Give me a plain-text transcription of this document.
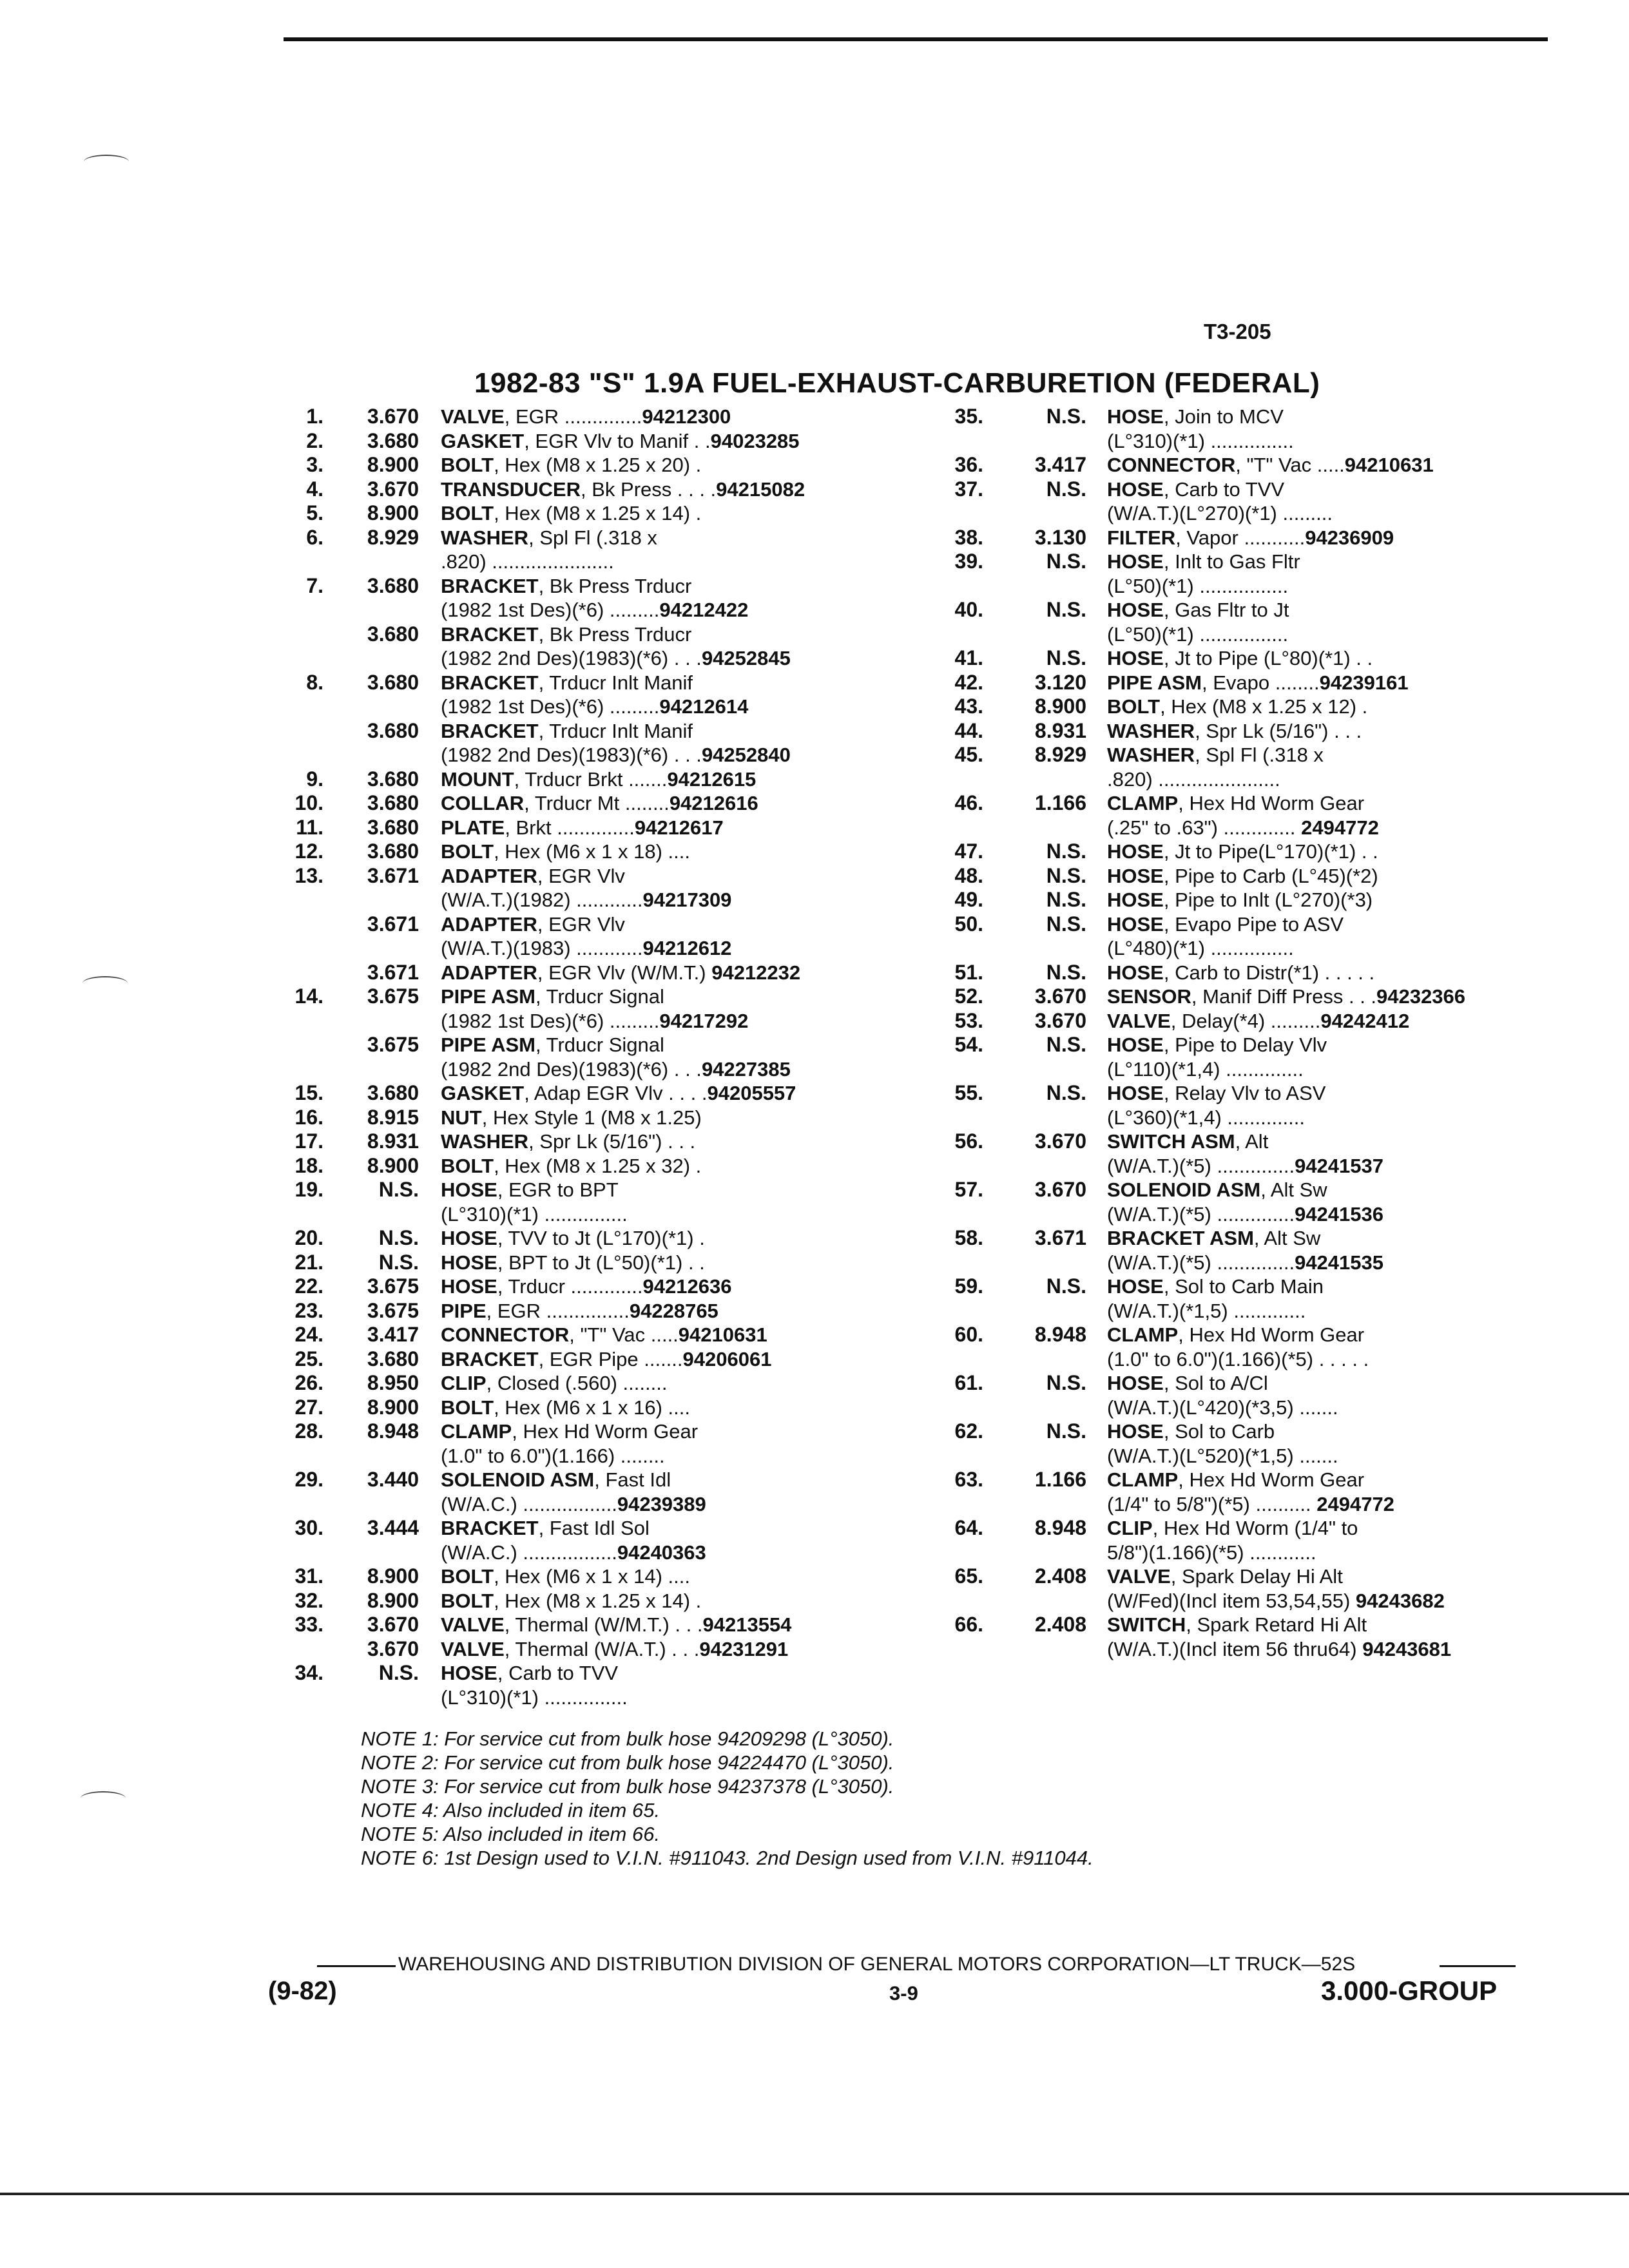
T3-205
1982-83 "S" 1.9A FUEL-EXHAUST-CARBURETION (FEDERAL)
1.	3.670 VALVE, EGR ..............94212300
2.	3.680 GASKET, EGR Vlv to Manif . .94023285
3.	8.900 BOLT, Hex (M8 x 1.25 x 20) .
4.	3.670 TRANSDUCER, Bk Press . . . .94215082
5.	8.900 BOLT, Hex (M8 x 1.25 x 14) .
6.	8.929 WASHER, Spl Fl (.318 x
.820) ......................
7.	3.680 BRACKET, Bk Press Trducr
(1982 1st Des)(*6) .........94212422
3.680 BRACKET, Bk Press Trducr
(1982 2nd Des)(1983)(*6) . . .94252845
8.	3.680 BRACKET, Trducr Inlt Manif
(1982 1st Des)(*6) .........94212614
3.680 BRACKET, Trducr Inlt Manif
(1982 2nd Des)(1983)(*6) . . .94252840
9.	3.680 MOUNT, Trducr Brkt .......94212615
10.	3.680 COLLAR, Trducr Mt ........94212616
11.	3.680 PLATE, Brkt ..............94212617
12.	3.680 BOLT, Hex (M6 x 1 x 18) ....
13.	3.671 ADAPTER, EGR Vlv
(W/A.T.)(1982) ............94217309
3.671 ADAPTER, EGR Vlv
(W/A.T.)(1983) ............94212612
3.671 ADAPTER, EGR Vlv (W/M.T.) 94212232
14.	3.675 PIPE ASM, Trducr Signal
(1982 1st Des)(*6) .........94217292
3.675 PIPE ASM, Trducr Signal
(1982 2nd Des)(1983)(*6) . . .94227385
15.	3.680 GASKET, Adap EGR Vlv . . . .94205557
16.	8.915 NUT, Hex Style 1 (M8 x 1.25)
17.	8.931 WASHER, Spr Lk (5/16") . . .
18.	8.900 BOLT, Hex (M8 x 1.25 x 32) .
19.	N.S. HOSE, EGR to BPT
(L°310)(*1) ...............
20.	N.S. HOSE, TVV to Jt (L°170)(*1) .
21.	N.S. HOSE, BPT to Jt (L°50)(*1) . .
22.	3.675 HOSE, Trducr .............94212636
23.	3.675 PIPE, EGR ...............94228765
24.	3.417 CONNECTOR, "T" Vac .....94210631
25.	3.680 BRACKET, EGR Pipe .......94206061
26.	8.950 CLIP, Closed (.560) ........
27.	8.900 BOLT, Hex (M6 x 1 x 16) ....
28.	8.948 CLAMP, Hex Hd Worm Gear
(1.0" to 6.0")(1.166) ........
29.	3.440 SOLENOID ASM, Fast Idl
(W/A.C.) .................94239389
30.	3.444 BRACKET, Fast Idl Sol
(W/A.C.) .................94240363
31.	8.900 BOLT, Hex (M6 x 1 x 14) ....
32.	8.900 BOLT, Hex (M8 x 1.25 x 14) .
33.	3.670 VALVE, Thermal (W/M.T.) . . .94213554
3.670 VALVE, Thermal (W/A.T.) . . .94231291
34.	N.S. HOSE, Carb to TVV
(L°310)(*1) ...............
35.	N.S. HOSE, Join to MCV
(L°310)(*1) ...............
36.	3.417 CONNECTOR, "T" Vac .....94210631
37.	N.S. HOSE, Carb to TVV
(W/A.T.)(L°270)(*1) .........
38.	3.130 FILTER, Vapor ...........94236909
39.	N.S. HOSE, Inlt to Gas Fltr
(L°50)(*1) ................
40.	N.S. HOSE, Gas Fltr to Jt
(L°50)(*1) ................
41.	N.S. HOSE, Jt to Pipe (L°80)(*1) . .
42.	3.120 PIPE ASM, Evapo ........94239161
43.	8.900 BOLT, Hex (M8 x 1.25 x 12) .
44.	8.931 WASHER, Spr Lk (5/16") . . .
45.	8.929 WASHER, Spl Fl (.318 x
.820) ......................
46.	1.166 CLAMP, Hex Hd Worm Gear
(.25" to .63") ............. 2494772
47.	N.S. HOSE, Jt to Pipe(L°170)(*1) . .
48.	N.S. HOSE, Pipe to Carb (L°45)(*2)
49.	N.S. HOSE, Pipe to Inlt (L°270)(*3)
50.	N.S. HOSE, Evapo Pipe to ASV
(L°480)(*1) ...............
51.	N.S. HOSE, Carb to Distr(*1) . . . . .
52.	3.670 SENSOR, Manif Diff Press . . .94232366
53.	3.670 VALVE, Delay(*4) .........94242412
54.	N.S. HOSE, Pipe to Delay Vlv
(L°110)(*1,4) ..............
55.	N.S. HOSE, Relay Vlv to ASV
(L°360)(*1,4) ..............
56.	3.670 SWITCH ASM, Alt
(W/A.T.)(*5) ..............94241537
57.	3.670 SOLENOID ASM, Alt Sw
(W/A.T.)(*5) ..............94241536
58.	3.671 BRACKET ASM, Alt Sw
(W/A.T.)(*5) ..............94241535
59.	N.S. HOSE, Sol to Carb Main
(W/A.T.)(*1,5) .............
60.	8.948 CLAMP, Hex Hd Worm Gear
(1.0" to 6.0")(1.166)(*5) . . . . .
61.	N.S. HOSE, Sol to A/Cl
(W/A.T.)(L°420)(*3,5) .......
62.	N.S. HOSE, Sol to Carb
(W/A.T.)(L°520)(*1,5) .......
63.	1.166 CLAMP, Hex Hd Worm Gear
(1/4" to 5/8")(*5) .......... 2494772
64.	8.948 CLIP, Hex Hd Worm (1/4" to
5/8")(1.166)(*5) ............
65.	2.408 VALVE, Spark Delay Hi Alt
(W/Fed)(Incl item 53,54,55) 94243682
66.	2.408 SWITCH, Spark Retard Hi Alt
(W/A.T.)(Incl item 56 thru64) 94243681
NOTE 1: For service cut from bulk hose 94209298 (L°3050).
NOTE 2: For service cut from bulk hose 94224470 (L°3050).
NOTE 3: For service cut from bulk hose 94237378 (L°3050).
NOTE 4: Also included in item 65.
NOTE 5: Also included in item 66.
NOTE 6: 1st Design used to V.I.N. #911043. 2nd Design used from V.I.N. #911044.
WAREHOUSING AND DISTRIBUTION DIVISION OF GENERAL MOTORS CORPORATION—LT TRUCK—52S
(9-82)	3-9	3.000-GROUP
